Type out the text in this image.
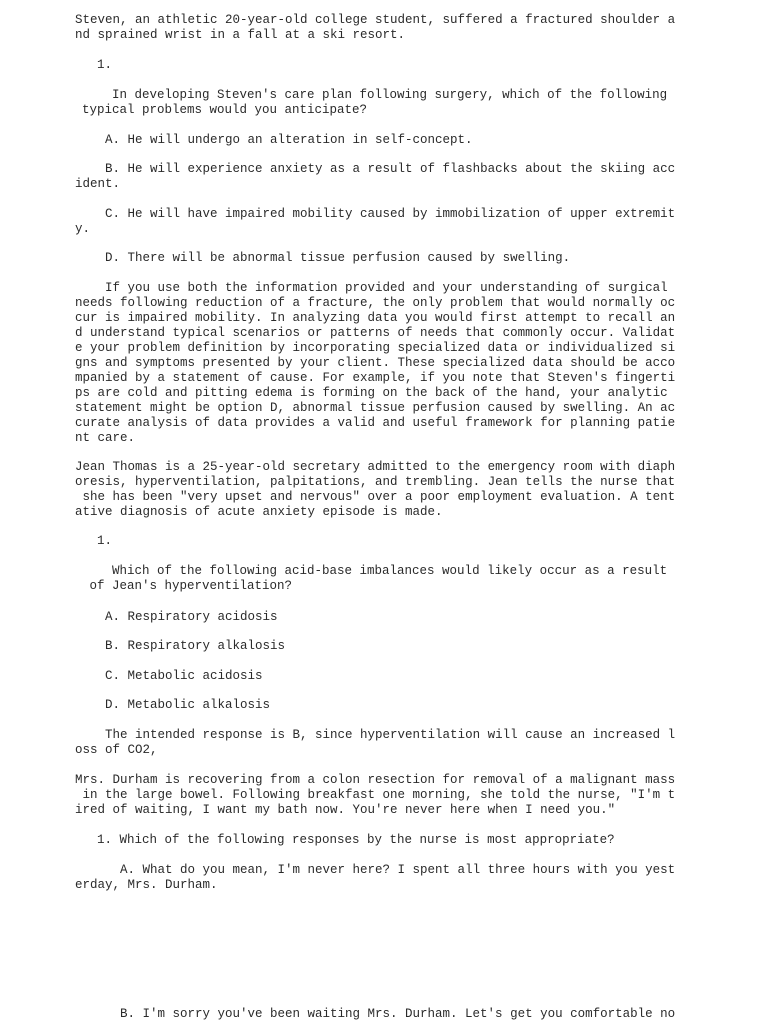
Steven, an athletic 20-year-old college student, suffered a fractured shoulder a
nd sprained wrist in a fall at a ski resort.
1.
In developing Steven's care plan following surgery, which of the following
typical problems would you anticipate?
A. He will undergo an alteration in self-concept.
B. He will experience anxiety as a result of flashbacks about the skiing acc
ident.
C. He will have impaired mobility caused by immobilization of upper extremit
y.
D. There will be abnormal tissue perfusion caused by swelling.
If you use both the information provided and your understanding of surgical
needs following reduction of a fracture, the only problem that would normally oc
cur is impaired mobility. In analyzing data you would first attempt to recall an
d understand typical scenarios or patterns of needs that commonly occur. Validat
e your problem definition by incorporating specialized data or individualized si
gns and symptoms presented by your client. These specialized data should be acco
mpanied by a statement of cause. For example, if you note that Steven's fingerti
ps are cold and pitting edema is forming on the back of the hand, your analytic
statement might be option D, abnormal tissue perfusion caused by swelling. An ac
curate analysis of data provides a valid and useful framework for planning patie
nt care.
Jean Thomas is a 25-year-old secretary admitted to the emergency room with diaph
oresis, hyperventilation, palpitations, and trembling. Jean tells the nurse that
she has been "very upset and nervous" over a poor employment evaluation. A tent
ative diagnosis of acute anxiety episode is made.
1.
Which of the following acid-base imbalances would likely occur as a result
of Jean's hyperventilation?
A. Respiratory acidosis
B. Respiratory alkalosis
C. Metabolic acidosis
D. Metabolic alkalosis
The intended response is B, since hyperventilation will cause an increased l
oss of CO2,
Mrs. Durham is recovering from a colon resection for removal of a malignant mass
in the large bowel. Following breakfast one morning, she told the nurse, "I'm t
ired of waiting, I want my bath now. You're never here when I need you."
1. Which of the following responses by the nurse is most appropriate?
A. What do you mean, I'm never here? I spent all three hours with you yest
erday, Mrs. Durham.
B. I'm sorry you've been waiting Mrs. Durham. Let's get you comfortable no
